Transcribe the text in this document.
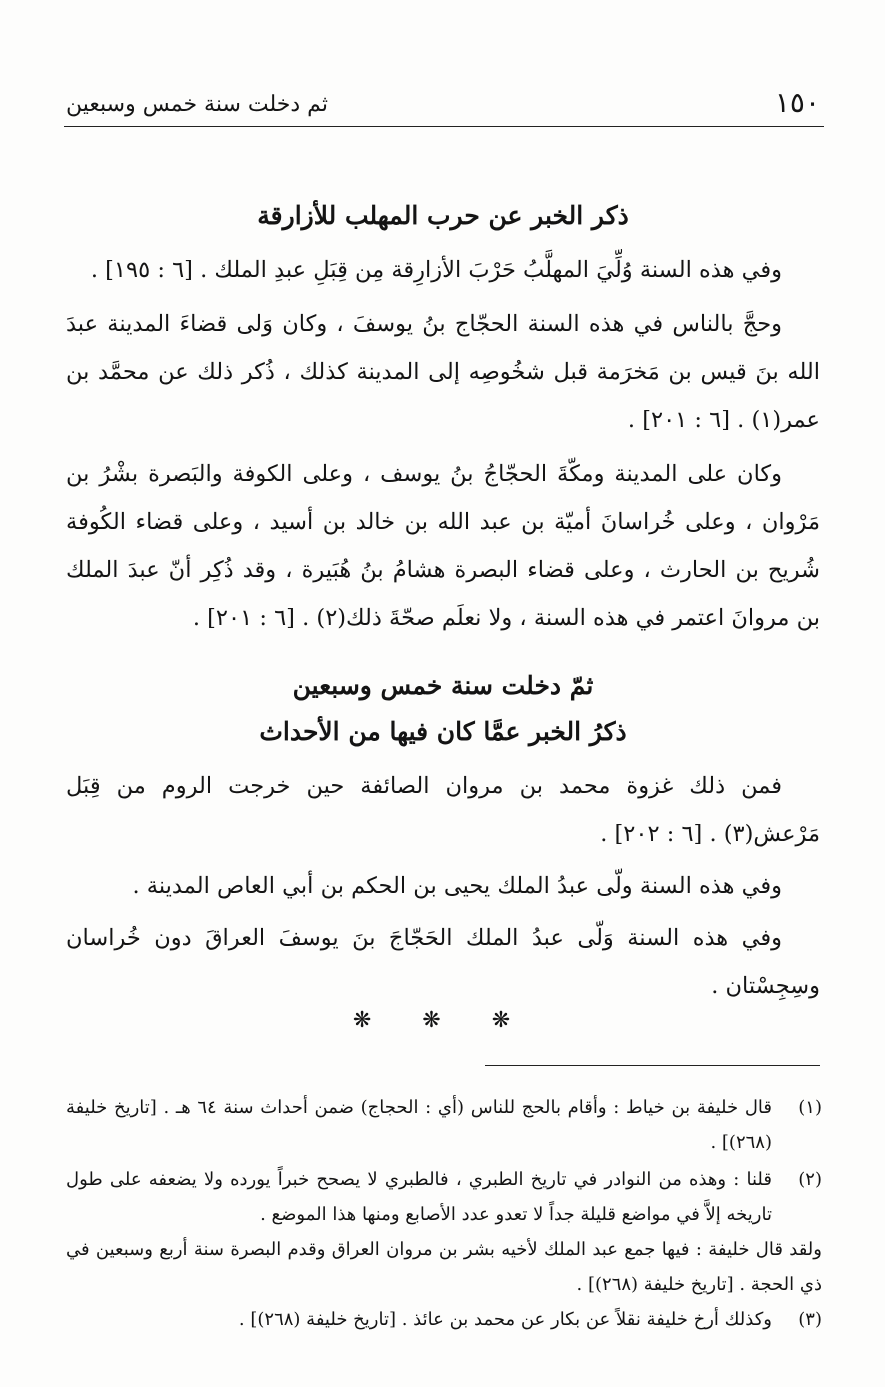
١٥٠
ثم دخلت سنة خمس وسبعين
ذكر الخبر عن حرب المهلب للأزارقة

وفي هذه السنة وُلِّيَ المهلَّبُ حَرْبَ الأزارِقة مِن قِبَلِ عبدِ الملك . [٦ : ١٩٥] .

وحجَّ بالناس في هذه السنة الحجّاج بنُ يوسفَ ، وكان وَلى قضاءَ المدينة عبدَ الله بنَ قيس بن مَخرَمة قبل شخُوصِه إلى المدينة كذلك ، ذُكر ذلك عن محمَّد بن عمر(١) . [٦ : ٢٠١] .

وكان على المدينة ومكّةَ الحجّاجُ بنُ يوسف ، وعلى الكوفة والبَصرة بشْرُ بن مَرْوان ، وعلى خُراسانَ أميّة بن عبد الله بن خالد بن أسيد ، وعلى قضاء الكُوفة شُريح بن الحارث ، وعلى قضاء البصرة هشامُ بنُ هُبَيرة ، وقد ذُكِر أنّ عبدَ الملك بن مروانَ اعتمر في هذه السنة ، ولا نعلَم صحّةَ ذلك(٢) . [٦ : ٢٠١] .

ثمّ دخلت سنة خمس وسبعين
ذكرُ الخبر عمَّا كان فيها من الأحداث

فمن ذلك غزوة محمد بن مروان الصائفة حين خرجت الروم من قِبَل مَرْعش(٣) . [٦ : ٢٠٢] .

وفي هذه السنة ولّى عبدُ الملك يحيى بن الحكم بن أبي العاص المدينة .

وفي هذه السنة وَلّى عبدُ الملك الحَجّاجَ بنَ يوسفَ العراقَ دون خُراسان وسِجِسْتان .

❋ ❋ ❋
(١)
قال خليفة بن خياط : وأقام بالحج للناس (أي : الحجاج) ضمن أحداث سنة ٦٤ هـ . [تاريخ خليفة (٢٦٨)] .
(٢)
قلنا : وهذه من النوادر في تاريخ الطبري ، فالطبري لا يصحح خبراً يورده ولا يضعفه على طول تاريخه إلاَّ في مواضع قليلة جداً لا تعدو عدد الأصابع ومنها هذا الموضع .
ولقد قال خليفة : فيها جمع عبد الملك لأخيه بشر بن مروان العراق وقدم البصرة سنة أربع وسبعين في ذي الحجة . [تاريخ خليفة (٢٦٨)] .
(٣)
وكذلك أرخ خليفة نقلاً عن بكار عن محمد بن عائذ . [تاريخ خليفة (٢٦٨)] .
